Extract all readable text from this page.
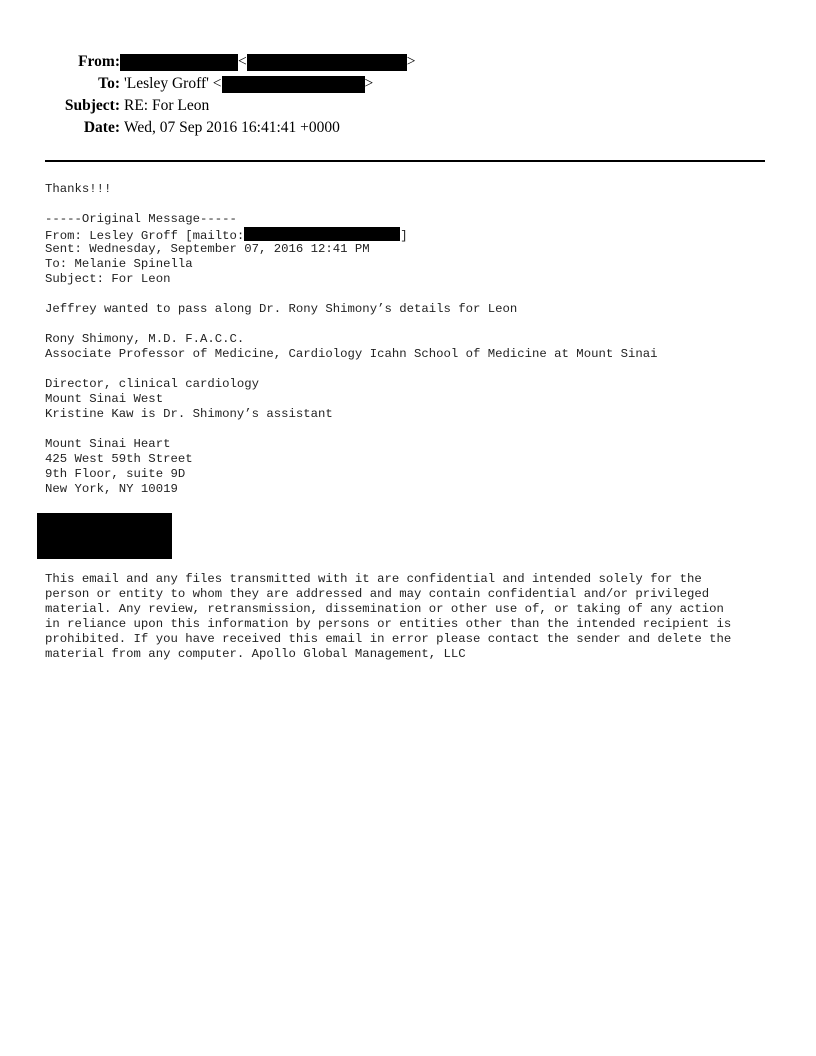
From:	<	>
To: 'Lesley Groff' <	>
Subject: RE: For Leon
Date: Wed, 07 Sep 2016 16:41:41 +0000
Thanks!!!
-----Original Message-----
From: Lesley Groff [mailto:	]
Sent: Wednesday, September 07, 2016 12:41 PM
To: Melanie Spinella
Subject: For Leon
Jeffrey wanted to pass along Dr. Rony Shimony’s details for Leon
Rony Shimony, M.D. F.A.C.C.
Associate Professor of Medicine, Cardiology Icahn School of Medicine at Mount Sinai
Director, clinical cardiology
Mount Sinai West
Kristine Kaw is Dr. Shimony’s assistant
Mount Sinai Heart
425 West 59th Street
9th Floor, suite 9D
New York, NY 10019
This email and any files transmitted with it are confidential and intended solely for the
person or entity to whom they are addressed and may contain confidential and/or privileged
material. Any review, retransmission, dissemination or other use of, or taking of any action
in reliance upon this information by persons or entities other than the intended recipient is
prohibited. If you have received this email in error please contact the sender and delete the
material from any computer. Apollo Global Management, LLC
